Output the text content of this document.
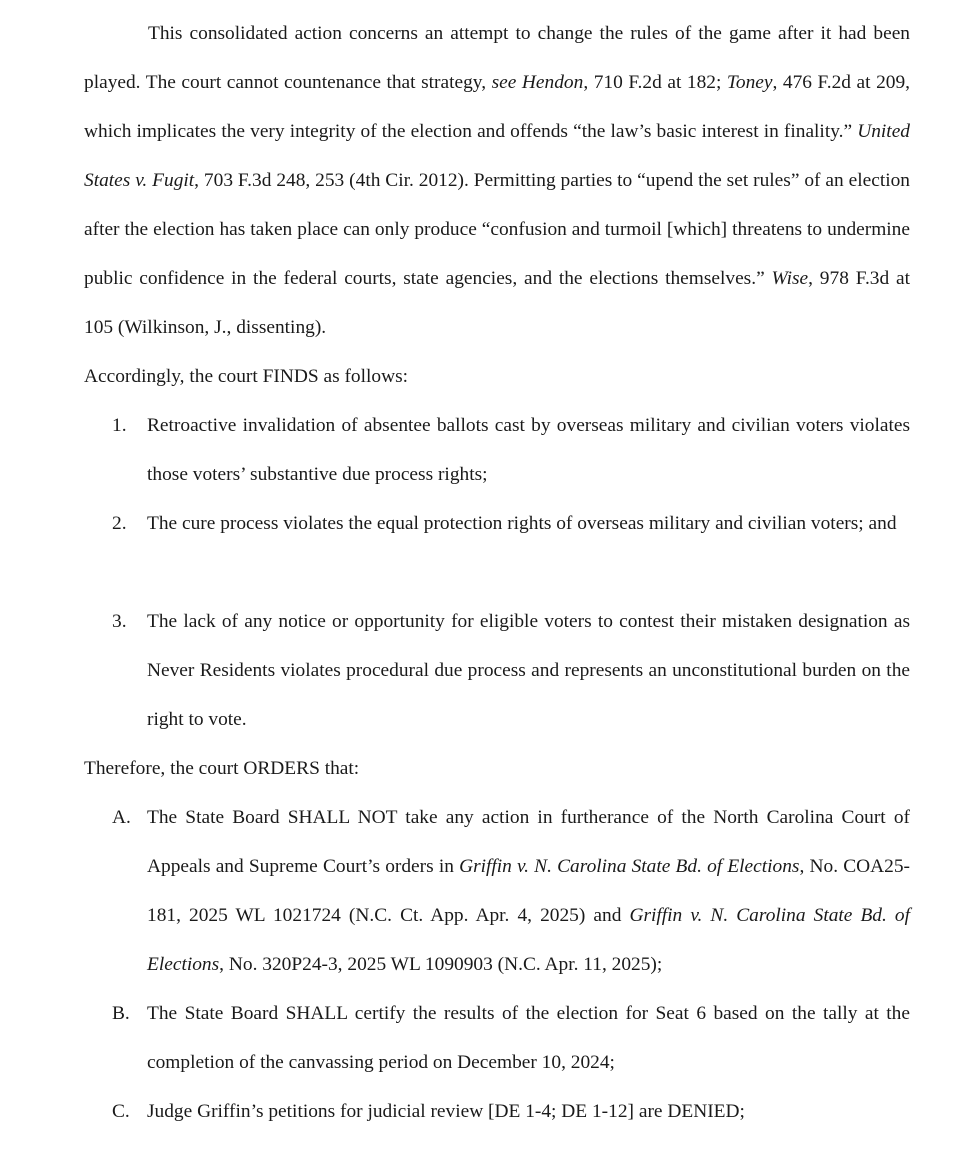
This consolidated action concerns an attempt to change the rules of the game after it had been played. The court cannot countenance that strategy, see Hendon, 710 F.2d at 182; Toney, 476 F.2d at 209, which implicates the very integrity of the election and offends “the law’s basic interest in finality.” United States v. Fugit, 703 F.3d 248, 253 (4th Cir. 2012). Permitting parties to “upend the set rules” of an election after the election has taken place can only produce “confusion and turmoil [which] threatens to undermine public confidence in the federal courts, state agencies, and the elections themselves.” Wise, 978 F.3d at 105 (Wilkinson, J., dissenting).

Accordingly, the court FINDS as follows:

1.	Retroactive invalidation of absentee ballots cast by overseas military and civilian voters violates those voters’ substantive due process rights;
2.	The cure process violates the equal protection rights of overseas military and civilian voters; and
3.	The lack of any notice or opportunity for eligible voters to contest their mistaken designation as Never Residents violates procedural due process and represents an unconstitutional burden on the right to vote.

Therefore, the court ORDERS that:

A. The State Board SHALL NOT take any action in furtherance of the North Carolina Court of Appeals and Supreme Court’s orders in Griffin v. N. Carolina State Bd. of Elections, No. COA25-181, 2025 WL 1021724 (N.C. Ct. App. Apr. 4, 2025) and Griffin v. N. Carolina State Bd. of Elections, No. 320P24-3, 2025 WL 1090903 (N.C. Apr. 11, 2025);
B. The State Board SHALL certify the results of the election for Seat 6 based on the tally at the completion of the canvassing period on December 10, 2024;
C. Judge Griffin’s petitions for judicial review [DE 1-4; DE 1-12] are DENIED;
